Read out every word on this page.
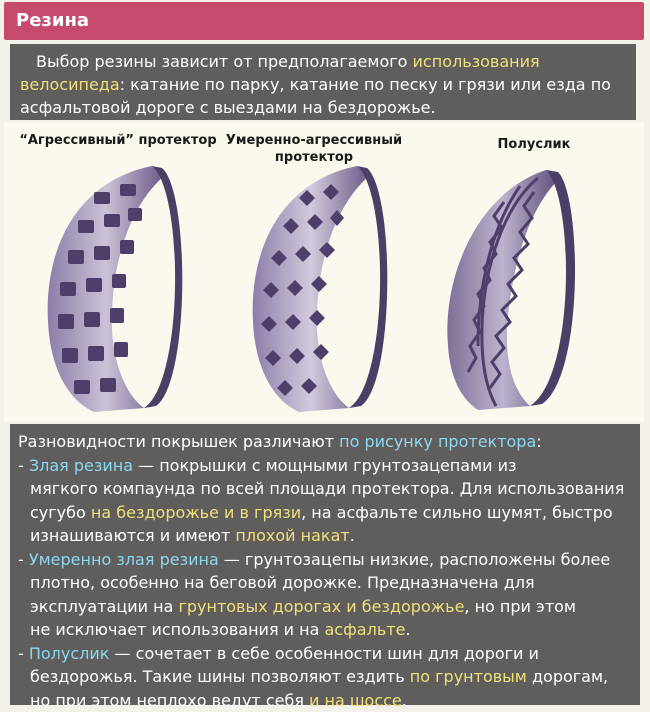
Резина
Выбор резины зависит от предполагаемого использования
велосипеда: катание по парку, катание по песку и грязи или езда по
асфальтовой дороге с выездами на бездорожье.
“Агрессивный” протектор Умеренно-агрессивный
протектор
Полуслик
Разновидности покрышек различают по рисунку протектора:
- Злая резина — покрышки с мощными грунтозацепами из
мягкого компаунда по всей площади протектора. Для использования
сугубо на бездорожье и в грязи, на асфальте сильно шумят, быстро
изнашиваются и имеют плохой накат.
- Умеренно злая резина — грунтозацепы низкие, расположены более
плотно, особенно на беговой дорожке. Предназначена для
эксплуатации на грунтовых дорогах и бездорожье, но при этом
не исключает использования и на асфальте.
- Полуслик — сочетает в себе особенности шин для дороги и
бездорожья. Такие шины позволяют ездить по грунтовым дорогам,
но при этом неплохо ведут себя и на шоссе.
